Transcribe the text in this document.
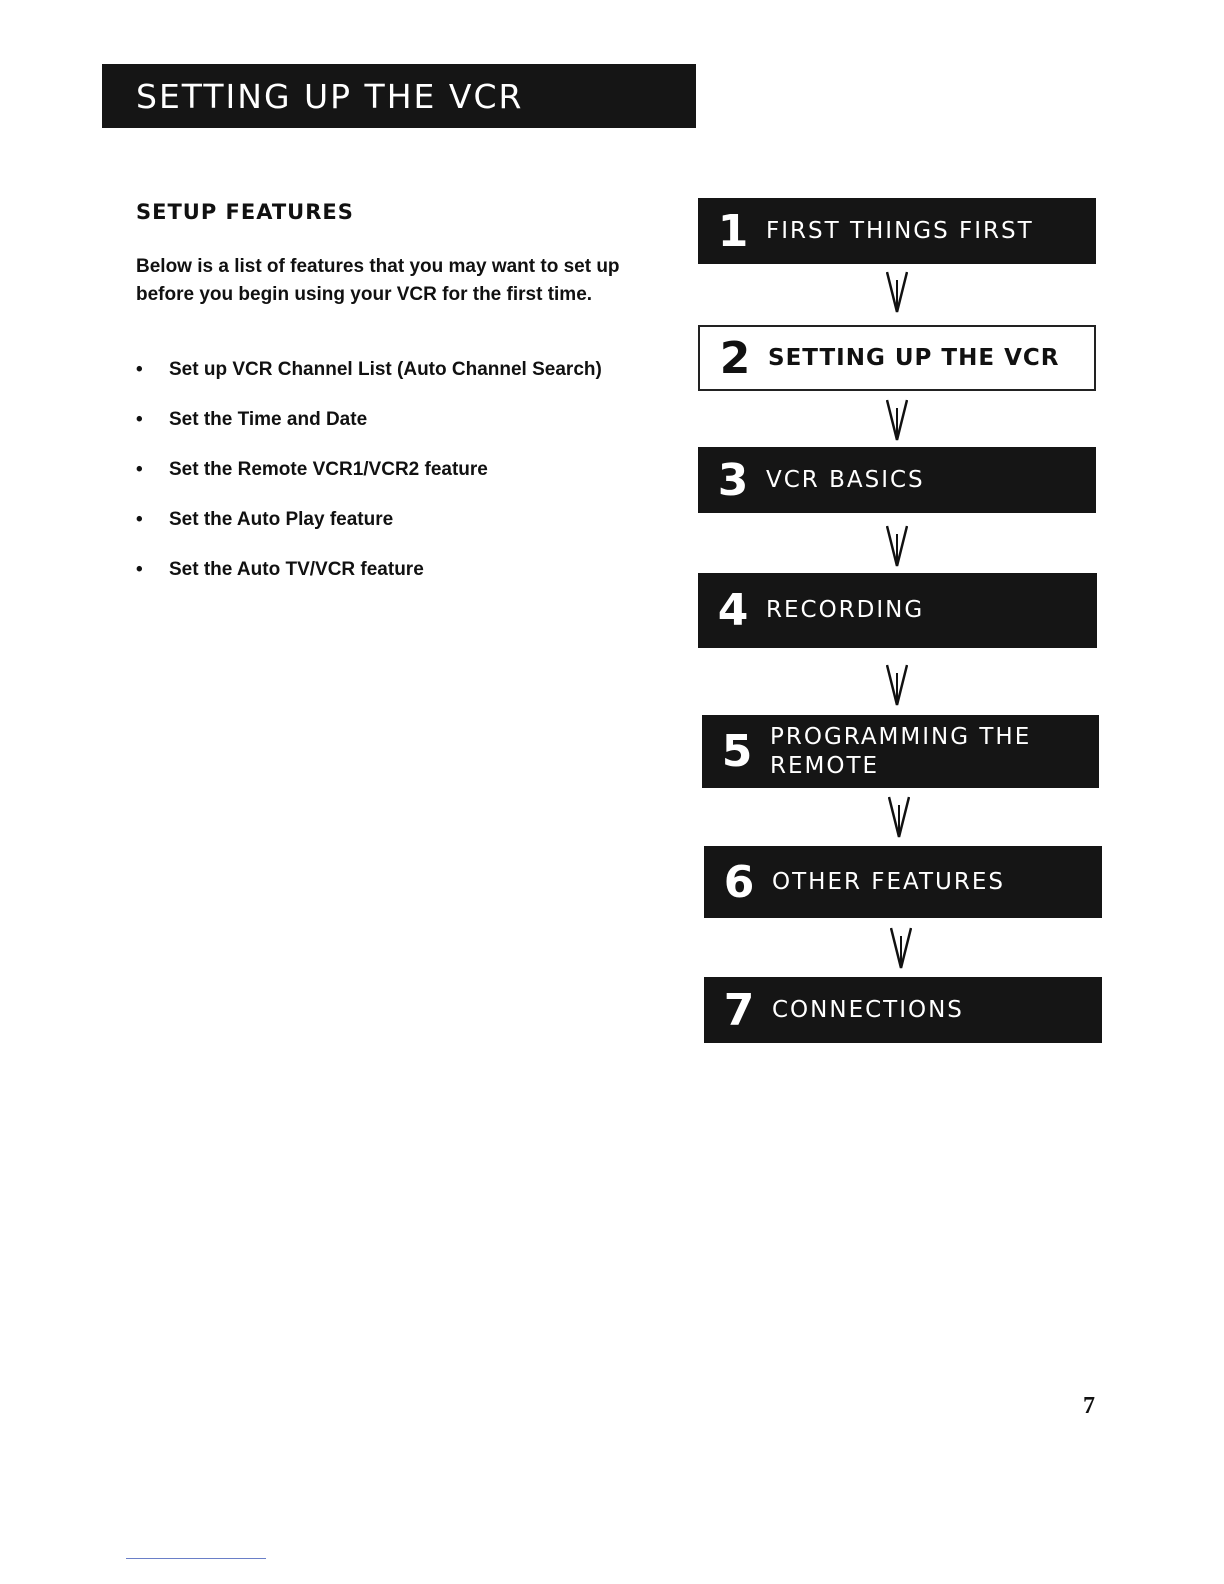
SETTING UP THE VCR
SETUP FEATURES

Below is a list of features that you may want to set up before you begin using your VCR for the first time.

• Set up VCR Channel List (Auto Channel Search)
• Set the Time and Date
• Set the Remote VCR1/VCR2 feature
• Set the Auto Play feature
• Set the Auto TV/VCR feature
1 FIRST THINGS FIRST
2 SETTING UP THE VCR
3 VCR BASICS
4 RECORDING
5 PROGRAMMING THE REMOTE
6 OTHER FEATURES
7 CONNECTIONS
7
